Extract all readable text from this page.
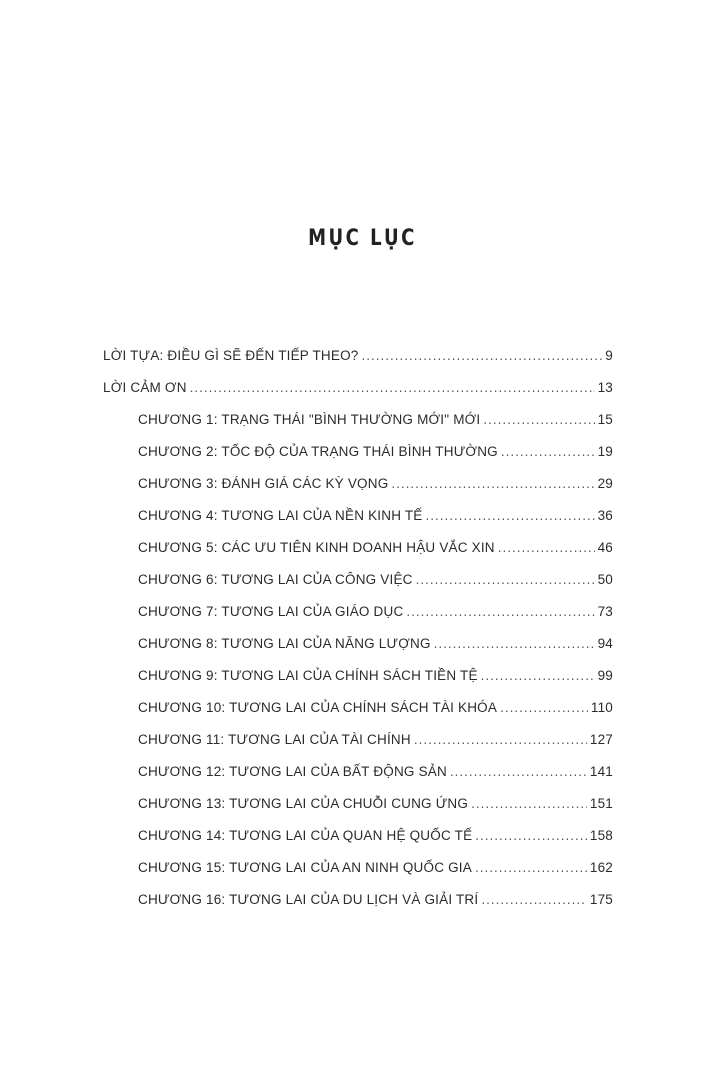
MỤC LỤC
LỜI TỰA: ĐIỀU GÌ SẼ ĐẾN TIẾP THEO? .....	9
LỜI CẢM ƠN .....	13
CHƯƠNG 1: TRẠNG THÁI "BÌNH THƯỜNG MỚI" MỚI .....	15
CHƯƠNG 2: TỐC ĐỘ CỦA TRẠNG THÁI BÌNH THƯỜNG .....	19
CHƯƠNG 3: ĐÁNH GIÁ CÁC KỲ VỌNG .....	29
CHƯƠNG 4: TƯƠNG LAI CỦA NỀN KINH TẾ .....	36
CHƯƠNG 5: CÁC ƯU TIÊN KINH DOANH HẬU VẮC XIN .....	46
CHƯƠNG 6: TƯƠNG LAI CỦA CÔNG VIỆC .....	50
CHƯƠNG 7: TƯƠNG LAI CỦA GIÁO DỤC .....	73
CHƯƠNG 8: TƯƠNG LAI CỦA NĂNG LƯỢNG .....	94
CHƯƠNG 9: TƯƠNG LAI CỦA CHÍNH SÁCH TIỀN TỆ .....	99
CHƯƠNG 10: TƯƠNG LAI CỦA CHÍNH SÁCH TÀI KHÓA .....	110
CHƯƠNG 11: TƯƠNG LAI CỦA TÀI CHÍNH .....	127
CHƯƠNG 12: TƯƠNG LAI CỦA BẤT ĐỘNG SẢN .....	141
CHƯƠNG 13: TƯƠNG LAI CỦA CHUỖI CUNG ỨNG .....	151
CHƯƠNG 14: TƯƠNG LAI CỦA QUAN HỆ QUỐC TẾ .....	158
CHƯƠNG 15: TƯƠNG LAI CỦA AN NINH QUỐC GIA .....	162
CHƯƠNG 16: TƯƠNG LAI CỦA DU LỊCH VÀ GIẢI TRÍ .....	175
